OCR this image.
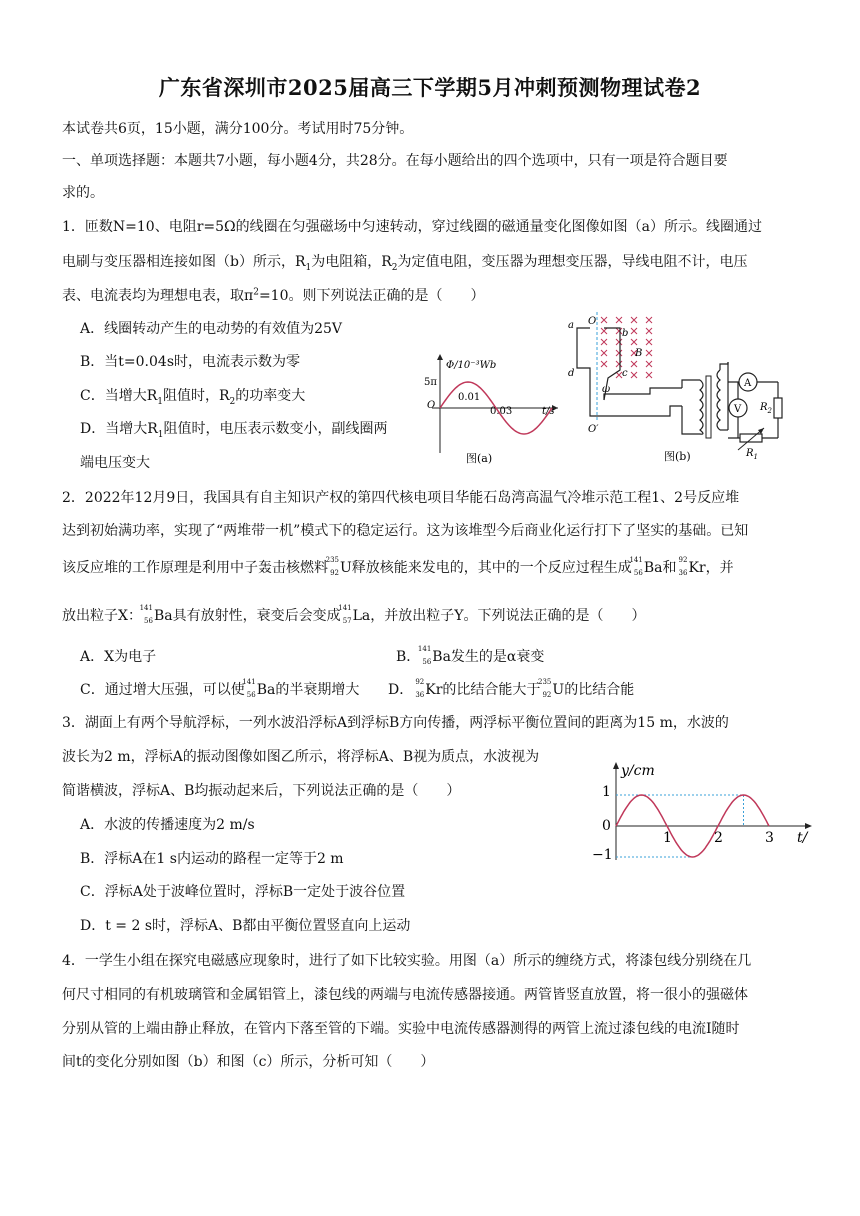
广东省深圳市2025届高三下学期5月冲刺预测物理试卷2
本试卷共6页，15小题，满分100分。考试用时75分钟。
一、单项选择题：本题共7小题，每小题4分，共28分。在每小题给出的四个选项中，只有一项是符合题目要
求的。
1．匝数N=10、电阻r=5Ω的线圈在匀强磁场中匀速转动，穿过线圈的磁通量变化图像如图（a）所示。线圈通过
电刷与变压器相连接如图（b）所示，$R_1$为电阻箱，$R_2$为定值电阻，变压器为理想变压器，导线电阻不计，电压
表、电流表均为理想电表，取$\pi^2=10$。则下列说法正确的是（　　）
A．线圈转动产生的电动势的有效值为25V
B．当t=0.04s时，电流表示数为零
C．当增大$R_1$阻值时，$R_2$的功率变大
D．当增大$R_1$阻值时，电压表示数变小，副线圈两
端电压变大
Φ/10⁻³Wb
5π
O
0.01
0.03	t/s
图(a)
O
O′
B
a
b
c
d
ω
A
V $R_2$
$R_1$
图(b)
2．2022年12月9日，我国具有自主知识产权的第四代核电项目华能石岛湾高温气冷堆示范工程1、2号反应堆
达到初始满功率，实现了“两堆带一机”模式下的稳定运行。这为该堆型今后商业化运行打下了坚实的基础。已知
该反应堆的工作原理是利用中子轰击核燃料
235
92 U释放核能来发电的，其中的一个反应过程生成
141
56 Ba和 92
36 Kr，并
放出粒子X：
141
56 Ba具有放射性，衰变后会变成
141
57 La，并放出粒子Y。下列说法正确的是（　　）
A．X为电子	B．
141
56 Ba发生的是α衰变
C．通过增大压强，可以使
141
56 Ba的半衰期增大 D． 92
36 Kr的比结合能大于
235
92 U的比结合能
3．湖面上有两个导航浮标，一列水波沿浮标A到浮标B方向传播，两浮标平衡位置间的距离为15 m，水波的
波长为2 m，浮标A的振动图像如图乙所示，将浮标A、B视为质点，水波视为
简谐横波，浮标A、B均振动起来后，下列说法正确的是（　　）
A．水波的传播速度为2 m/s
B．浮标A在1 s内运动的路程一定等于2 m
C．浮标A处于波峰位置时，浮标B一定处于波谷位置
D．t = 2 s时，浮标A、B都由平衡位置竖直向上运动
y/cm
1
0
−1
1	2	3 t/
4．一学生小组在探究电磁感应现象时，进行了如下比较实验。用图（a）所示的缠绕方式，将漆包线分别绕在几
何尺寸相同的有机玻璃管和金属铝管上，漆包线的两端与电流传感器接通。两管皆竖直放置，将一很小的强磁体
分别从管的上端由静止释放，在管内下落至管的下端。实验中电流传感器测得的两管上流过漆包线的电流I随时
间t的变化分别如图（b）和图（c）所示，分析可知（　　）
